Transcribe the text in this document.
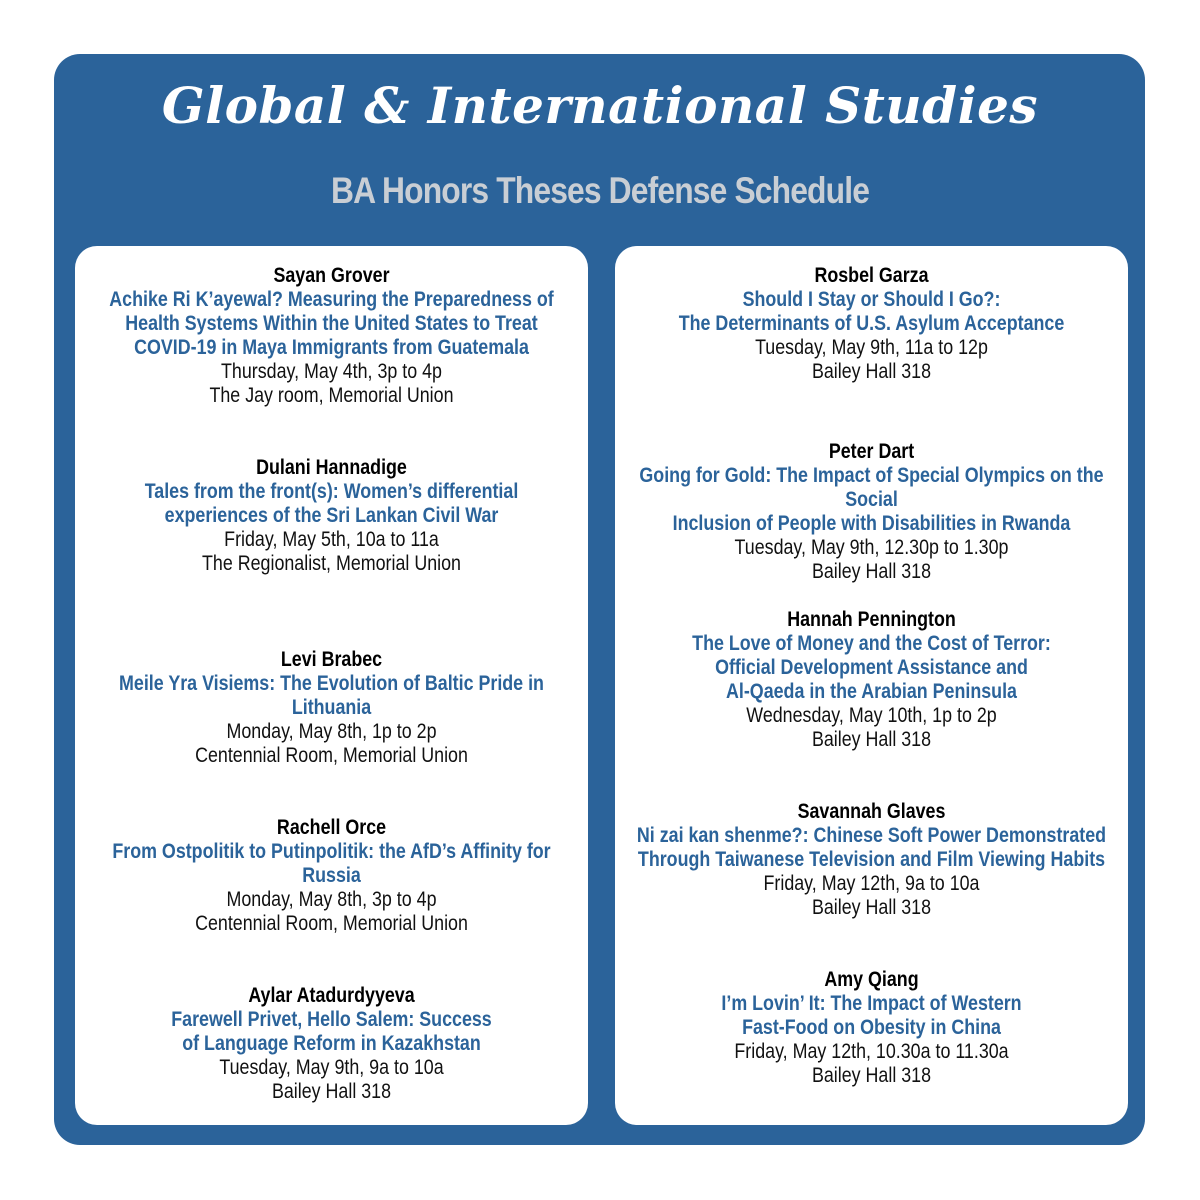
Global & International Studies
BA Honors Theses Defense Schedule
Sayan Grover
Achike Ri K’ayewal? Measuring the Preparedness of
Health Systems Within the United States to Treat
COVID-19 in Maya Immigrants from Guatemala
Thursday, May 4th, 3p to 4p
The Jay room, Memorial Union
Dulani Hannadige
Tales from the front(s): Women’s differential
experiences of the Sri Lankan Civil War
Friday, May 5th, 10a to 11a
The Regionalist, Memorial Union
Levi Brabec
Meile Yra Visiems: The Evolution of Baltic Pride in Lithuania
Monday, May 8th, 1p to 2p
Centennial Room, Memorial Union
Rachell Orce
From Ostpolitik to Putinpolitik: the AfD’s Affinity for Russia
Monday, May 8th, 3p to 4p
Centennial Room, Memorial Union
Aylar Atadurdyyeva
Farewell Privet, Hello Salem: Success
of Language Reform in Kazakhstan
Tuesday, May 9th, 9a to 10a
Bailey Hall 318
Rosbel Garza
Should I Stay or Should I Go?:
The Determinants of U.S. Asylum Acceptance
Tuesday, May 9th, 11a to 12p
Bailey Hall 318
Peter Dart
Going for Gold: The Impact of Special Olympics on the Social
Inclusion of People with Disabilities in Rwanda
Tuesday, May 9th, 12.30p to 1.30p
Bailey Hall 318
Hannah Pennington
The Love of Money and the Cost of Terror:
Official Development Assistance and
Al-Qaeda in the Arabian Peninsula
Wednesday, May 10th, 1p to 2p
Bailey Hall 318
Savannah Glaves
Ni zai kan shenme?: Chinese Soft Power Demonstrated
Through Taiwanese Television and Film Viewing Habits
Friday, May 12th, 9a to 10a
Bailey Hall 318
Amy Qiang
I’m Lovin’ It: The Impact of Western
Fast-Food on Obesity in China
Friday, May 12th, 10.30a to 11.30a
Bailey Hall 318
